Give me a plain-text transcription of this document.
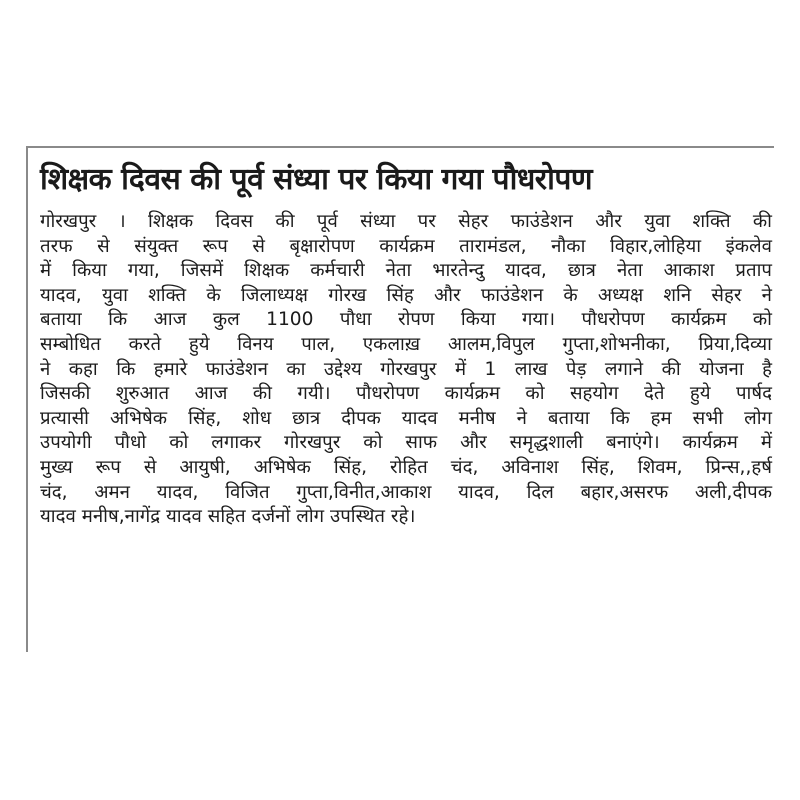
शिक्षक दिवस की पूर्व संध्या पर किया गया पौधरोपण
गोरखपुर । शिक्षक दिवस की पूर्व संध्या पर सेहर फाउंडेशन और युवा शक्ति की
तरफ से संयुक्त रूप से बृक्षारोपण कार्यक्रम तारामंडल, नौका विहार,लोहिया इंकलेव
में किया गया, जिसमें शिक्षक कर्मचारी नेता भारतेन्दु यादव, छात्र नेता आकाश प्रताप
यादव, युवा शक्ति के जिलाध्यक्ष गोरख सिंह और फाउंडेशन के अध्यक्ष शनि सेहर ने
बताया कि आज कुल 1100 पौधा रोपण किया गया। पौधरोपण कार्यक्रम को
सम्बोधित करते हुये विनय पाल, एकलाख़ आलम,विपुल गुप्ता,शोभनीका, प्रिया,दिव्या
ने कहा कि हमारे फाउंडेशन का उद्देश्य गोरखपुर में 1 लाख पेड़ लगाने की योजना है
जिसकी शुरुआत आज की गयी। पौधरोपण कार्यक्रम को सहयोग देते हुये पार्षद
प्रत्यासी अभिषेक सिंह, शोध छात्र दीपक यादव मनीष ने बताया कि हम सभी लोग
उपयोगी पौधो को लगाकर गोरखपुर को साफ और समृद्धशाली बनाएंगे। कार्यक्रम में
मुख्य रूप से आयुषी, अभिषेक सिंह, रोहित चंद, अविनाश सिंह, शिवम, प्रिन्स,,हर्ष
चंद, अमन यादव, विजित गुप्ता,विनीत,आकाश यादव, दिल बहार,असरफ अली,दीपक
यादव मनीष,नागेंद्र यादव सहित दर्जनों लोग उपस्थित रहे।
